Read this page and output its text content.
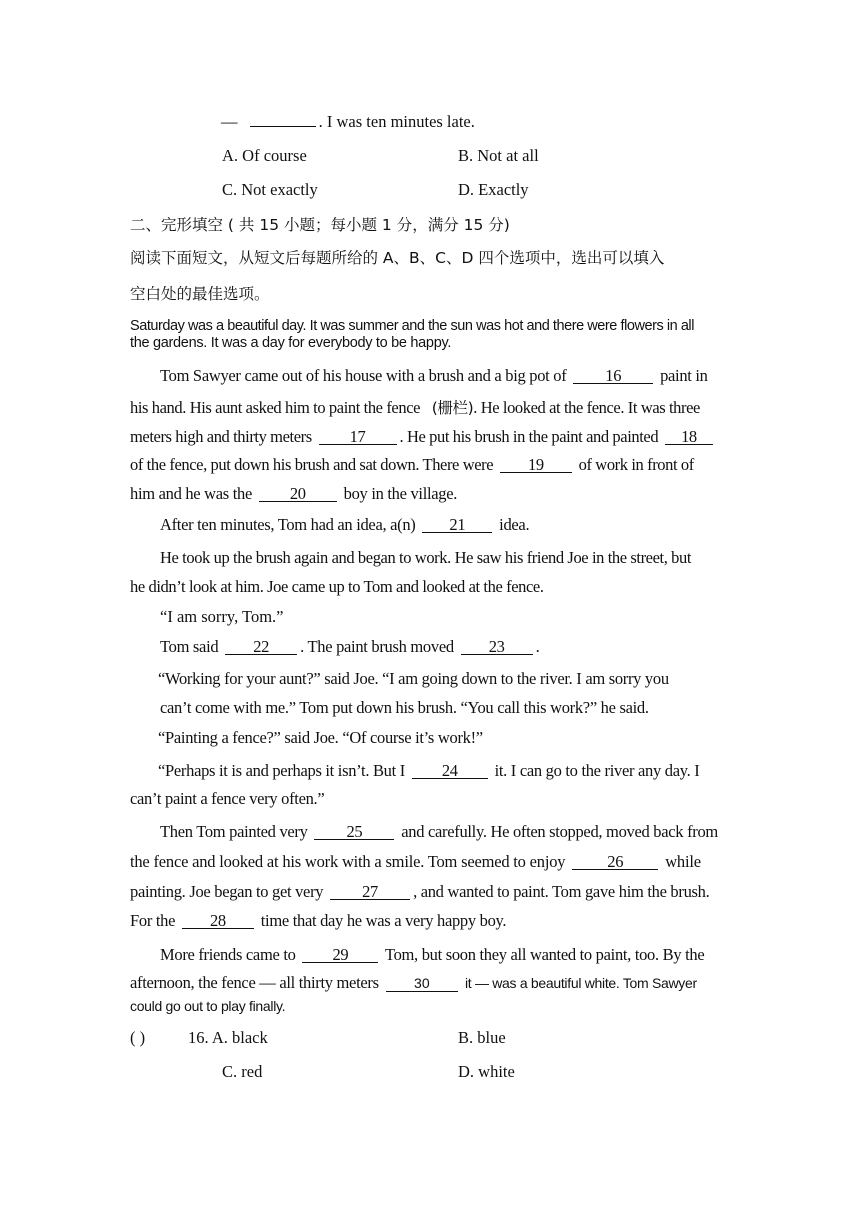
—	. I was ten minutes late.
A. Of course	B. Not at all
C. Not exactly	D. Exactly
二、完形填空 ( 共 15 小题；每小题 1 分，满分 15 分)
阅读下面短文，从短文后每题所给的 A、B、C、D 四个选项中，选出可以填入
空白处的最佳选项。
Saturday was a beautiful day. It was summer and the sun was hot and there were flowers in all
the gardens. It was a day for everybody to be happy.
Tom Sawyer came out of his house with a brush and a big pot of 16 paint in
his hand. His aunt asked him to paint the fence (栅栏). He looked at the fence. It was three
meters high and thirty meters 17 . He put his brush in the paint and painted 18
of the fence, put down his brush and sat down. There were 19 of work in front of
him and he was the 20 boy in the village.
After ten minutes, Tom had an idea, a(n) 21 idea.
He took up the brush again and began to work. He saw his friend Joe in the street, but
he didn’t look at him. Joe came up to Tom and looked at the fence.
“I am sorry, Tom.”
Tom said 22 . The paint brush moved 23 .
“Working for your aunt?” said Joe. “I am going down to the river. I am sorry you
can’t come with me.” Tom put down his brush. “You call this work?” he said.
“Painting a fence?” said Joe. “Of course it’s work!”
“Perhaps it is and perhaps it isn’t. But I 24 it. I can go to the river any day. I
can’t paint a fence very often.”
Then Tom painted very 25 and carefully. He often stopped, moved back from
the fence and looked at his work with a smile. Tom seemed to enjoy	26	while
painting. Joe began to get very 27 , and wanted to paint. Tom gave him the brush.
For the 28 time that day he was a very happy boy.
More friends came to 29 Tom, but soon they all wanted to paint, too. By the
afternoon, the fence — all thirty meters	30	it — was a beautiful white. Tom Sawyer
could go out to play finally.
( )	16. A. black	B. blue
C. red	D. white
